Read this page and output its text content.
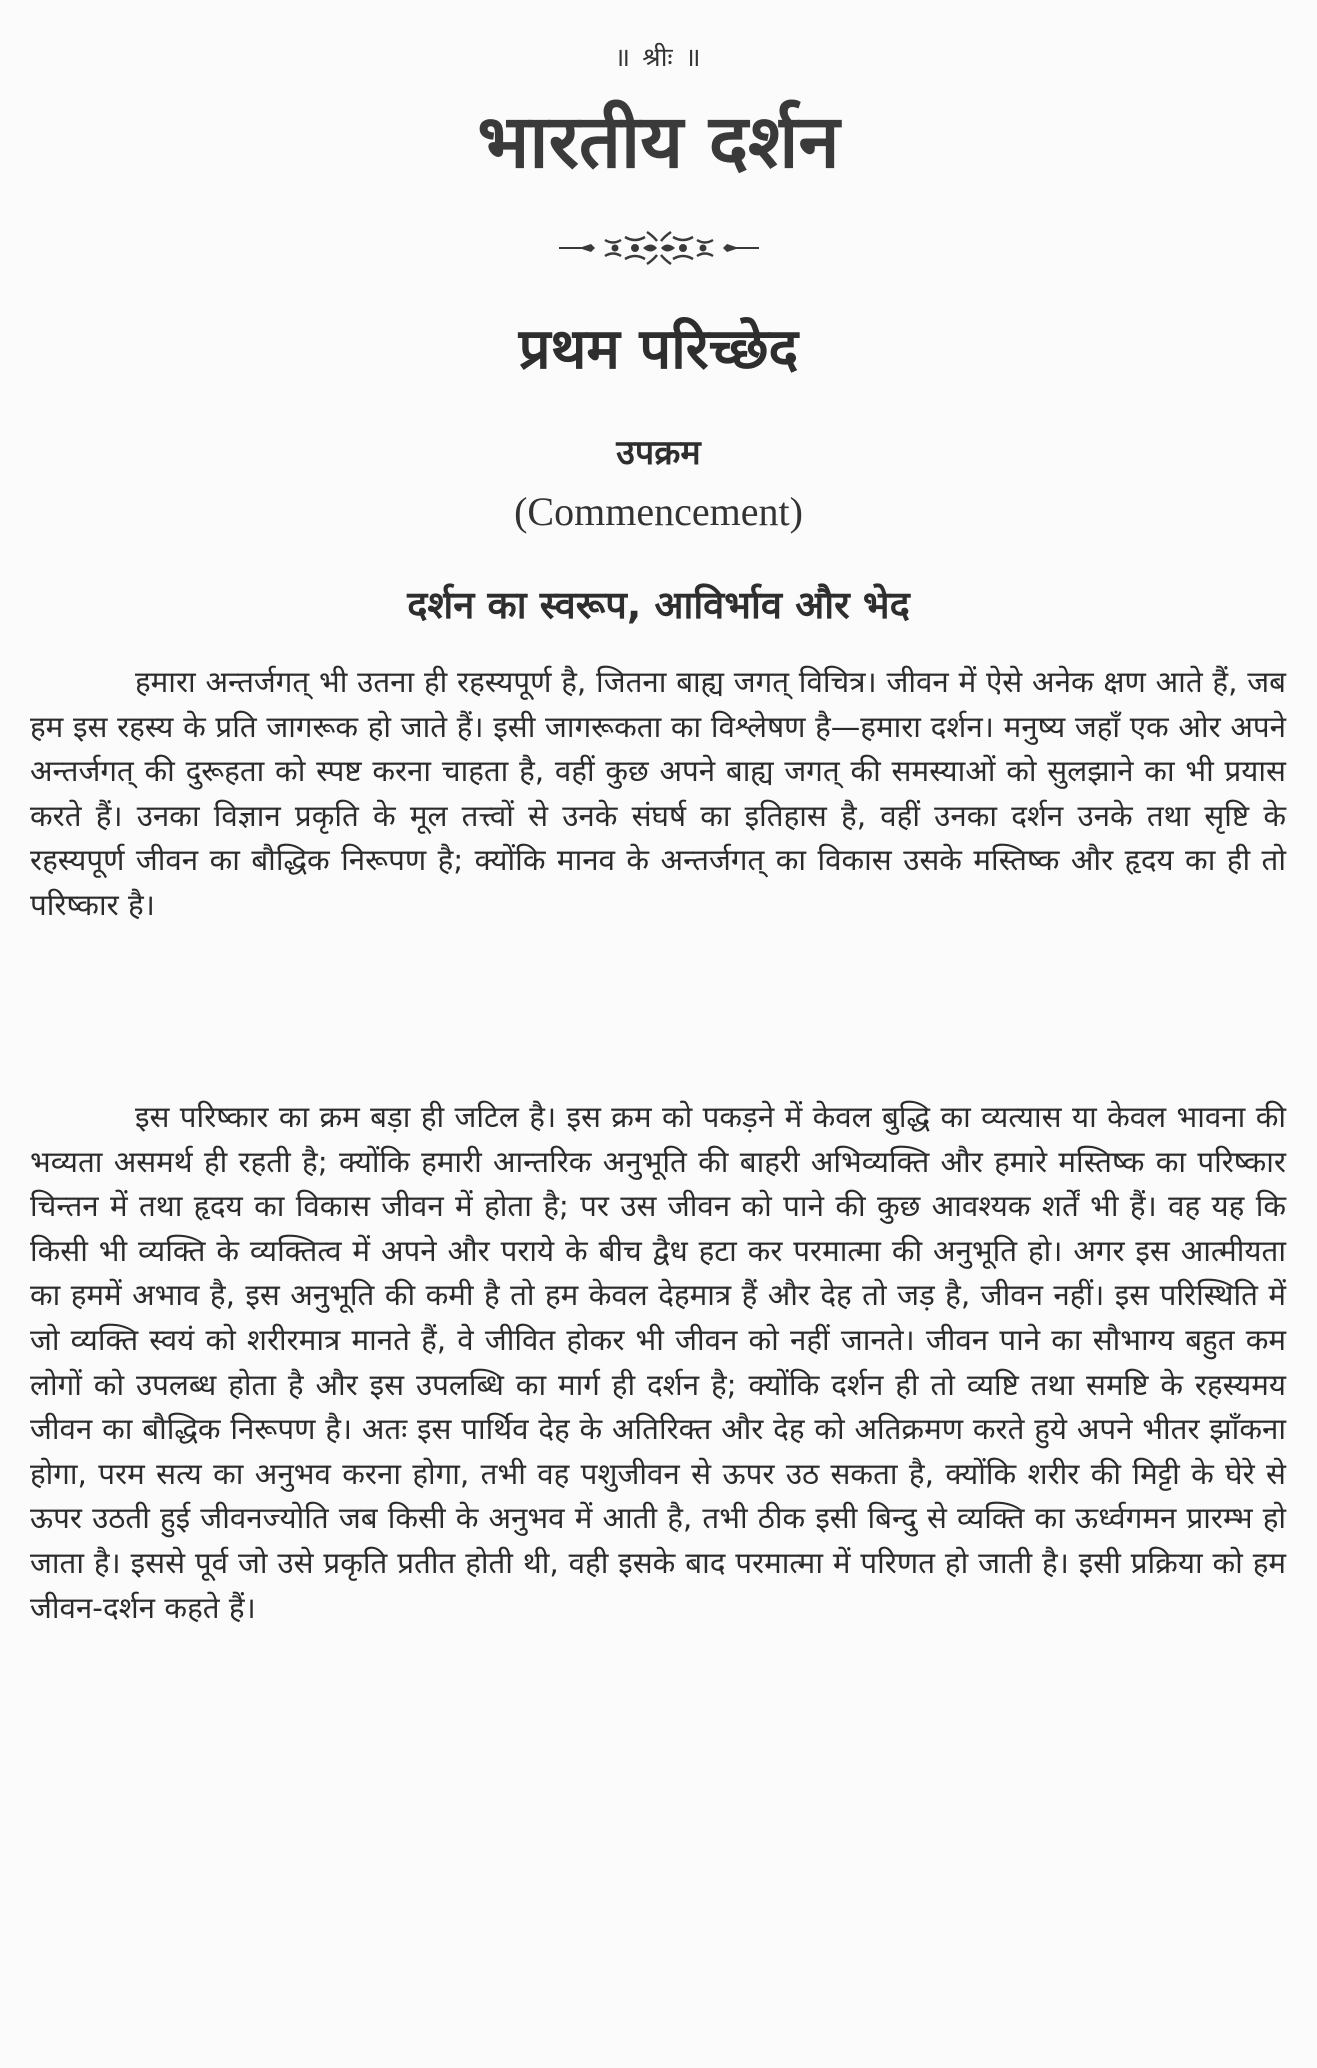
॥ श्रीः ॥
भारतीय दर्शन
प्रथम परिच्छेद
उपक्रम
(Commencement)
दर्शन का स्वरूप, आविर्भाव और भेद

हमारा अन्तर्जगत् भी उतना ही रहस्यपूर्ण है, जितना बाह्य जगत् विचित्र। जीवन में ऐसे अनेक क्षण आते हैं, जब हम इस रहस्य के प्रति जागरूक हो जाते हैं। इसी जागरूकता का विश्लेषण है—हमारा दर्शन। मनुष्य जहाँ एक ओर अपने अन्तर्जगत् की दुरूहता को स्पष्ट करना चाहता है, वहीं कुछ अपने बाह्य जगत् की समस्याओं को सुलझाने का भी प्रयास करते हैं। उनका विज्ञान प्रकृति के मूल तत्त्वों से उनके संघर्ष का इतिहास है, वहीं उनका दर्शन उनके तथा सृष्टि के रहस्यपूर्ण जीवन का बौद्धिक निरूपण है; क्योंकि मानव के अन्तर्जगत् का विकास उसके मस्तिष्क और हृदय का ही तो परिष्कार है।

इस परिष्कार का क्रम बड़ा ही जटिल है। इस क्रम को पकड़ने में केवल बुद्धि का व्यत्यास या केवल भावना की भव्यता असमर्थ ही रहती है; क्योंकि हमारी आन्तरिक अनुभूति की बाहरी अभिव्यक्ति और हमारे मस्तिष्क का परिष्कार चिन्तन में तथा हृदय का विकास जीवन में होता है; पर उस जीवन को पाने की कुछ आवश्यक शर्तें भी हैं। वह यह कि किसी भी व्यक्ति के व्यक्तित्व में अपने और पराये के बीच द्वैध हटा कर परमात्मा की अनुभूति हो। अगर इस आत्मीयता का हममें अभाव है, इस अनुभूति की कमी है तो हम केवल देहमात्र हैं और देह तो जड़ है, जीवन नहीं। इस परिस्थिति में जो व्यक्ति स्वयं को शरीरमात्र मानते हैं, वे जीवित होकर भी जीवन को नहीं जानते। जीवन पाने का सौभाग्य बहुत कम लोगों को उपलब्ध होता है और इस उपलब्धि का मार्ग ही दर्शन है; क्योंकि दर्शन ही तो व्यष्टि तथा समष्टि के रहस्यमय जीवन का बौद्धिक निरूपण है। अतः इस पार्थिव देह के अतिरिक्त और देह को अतिक्रमण करते हुये अपने भीतर झाँकना होगा, परम सत्य का अनुभव करना होगा, तभी वह पशुजीवन से ऊपर उठ सकता है, क्योंकि शरीर की मिट्टी के घेरे से ऊपर उठती हुई जीवनज्योति जब किसी के अनुभव में आती है, तभी ठीक इसी बिन्दु से व्यक्ति का ऊर्ध्वगमन प्रारम्भ हो जाता है। इससे पूर्व जो उसे प्रकृति प्रतीत होती थी, वही इसके बाद परमात्मा में परिणत हो जाती है। इसी प्रक्रिया को हम जीवन-दर्शन कहते हैं।
